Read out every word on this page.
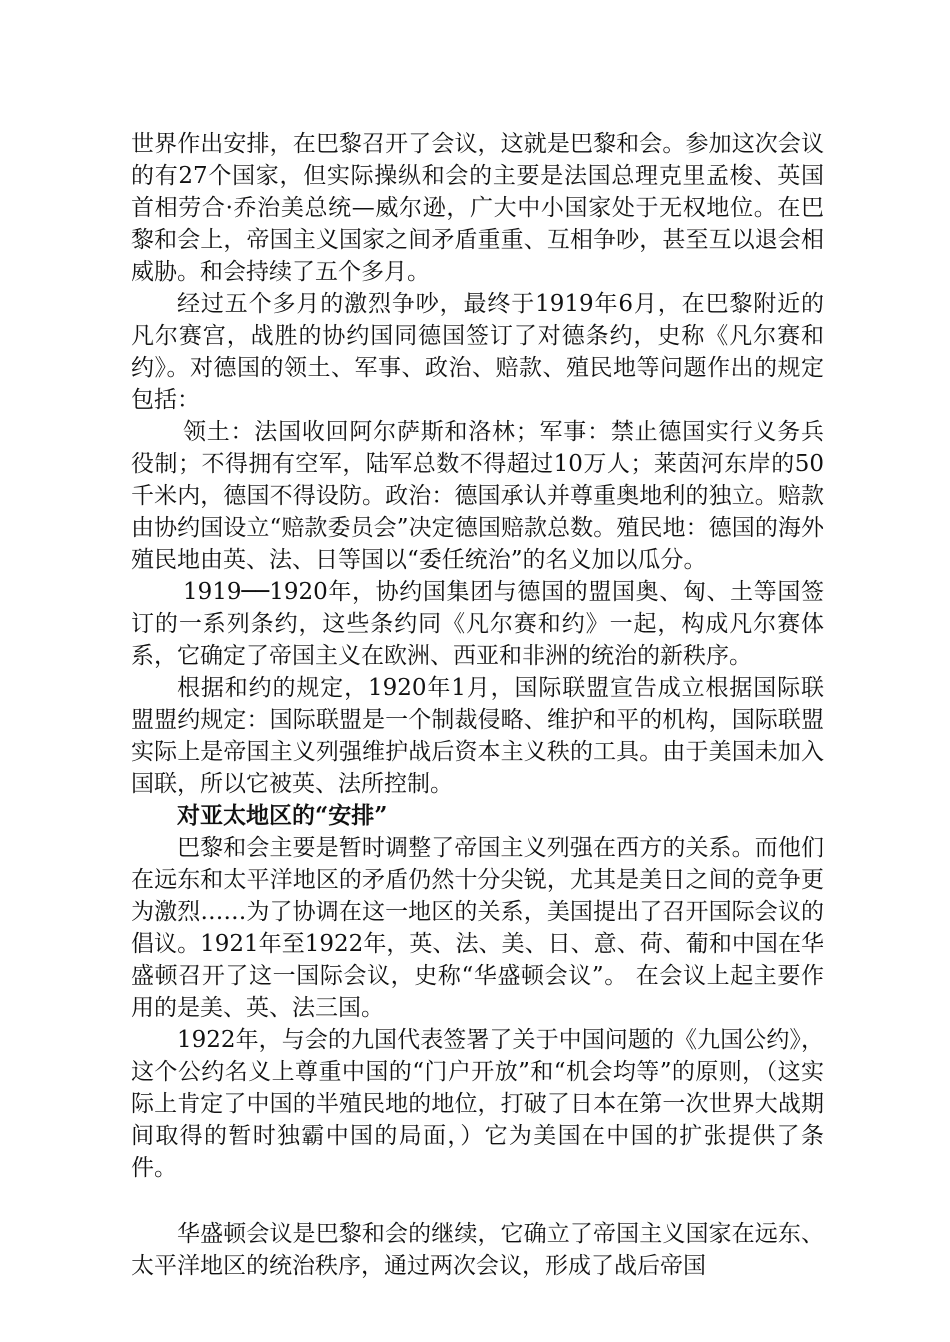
世界作出安排，在巴黎召开了会议，这就是巴黎和会。参加这次会议的有27个国家，但实际操纵和会的主要是法国总理克里孟梭、英国首相劳合·乔治美总统—威尔逊，广大中小国家处于无权地位。在巴黎和会上，帝国主义国家之间矛盾重重、互相争吵，甚至互以退会相威胁。和会持续了五个多月。

经过五个多月的激烈争吵，最终于1919年6月，在巴黎附近的凡尔赛宫，战胜的协约国同德国签订了对德条约，史称《凡尔赛和约》。对德国的领土、军事、政治、赔款、殖民地等问题作出的规定包括：

领土：法国收回阿尔萨斯和洛林；军事：禁止德国实行义务兵役制；不得拥有空军，陆军总数不得超过10万人；莱茵河东岸的50千米内，德国不得设防。政治：德国承认并尊重奥地利的独立。赔款由协约国设立“赔款委员会”决定德国赔款总数。殖民地：德国的海外殖民地由英、法、日等国以“委任统治”的名义加以瓜分。

1919──1920年，协约国集团与德国的盟国奥、匈、土等国签订的一系列条约，这些条约同《凡尔赛和约》一起，构成凡尔赛体系，它确定了帝国主义在欧洲、西亚和非洲的统治的新秩序。

根据和约的规定，1920年1月，国际联盟宣告成立根据国际联盟盟约规定：国际联盟是一个制裁侵略、维护和平的机构，国际联盟实际上是帝国主义列强维护战后资本主义秩的工具。由于美国未加入国联，所以它被英、法所控制。

对亚太地区的“安排”

巴黎和会主要是暂时调整了帝国主义列强在西方的关系。而他们在远东和太平洋地区的矛盾仍然十分尖锐，尤其是美日之间的竞争更为激烈……为了协调在这一地区的关系，美国提出了召开国际会议的倡议。1921年至1922年，英、法、美、日、意、荷、葡和中国在华盛顿召开了这一国际会议，史称“华盛顿会议”。 在会议上起主要作用的是美、英、法三国。

1922年，与会的九国代表签署了关于中国问题的《九国公约》，这个公约名义上尊重中国的“门户开放”和“机会均等”的原则，（这实际上肯定了中国的半殖民地的地位，打破了日本在第一次世界大战期间取得的暂时独霸中国的局面，）它为美国在中国的扩张提供了条件。

华盛顿会议是巴黎和会的继续，它确立了帝国主义国家在远东、太平洋地区的统治秩序，通过两次会议，形成了战后帝国
